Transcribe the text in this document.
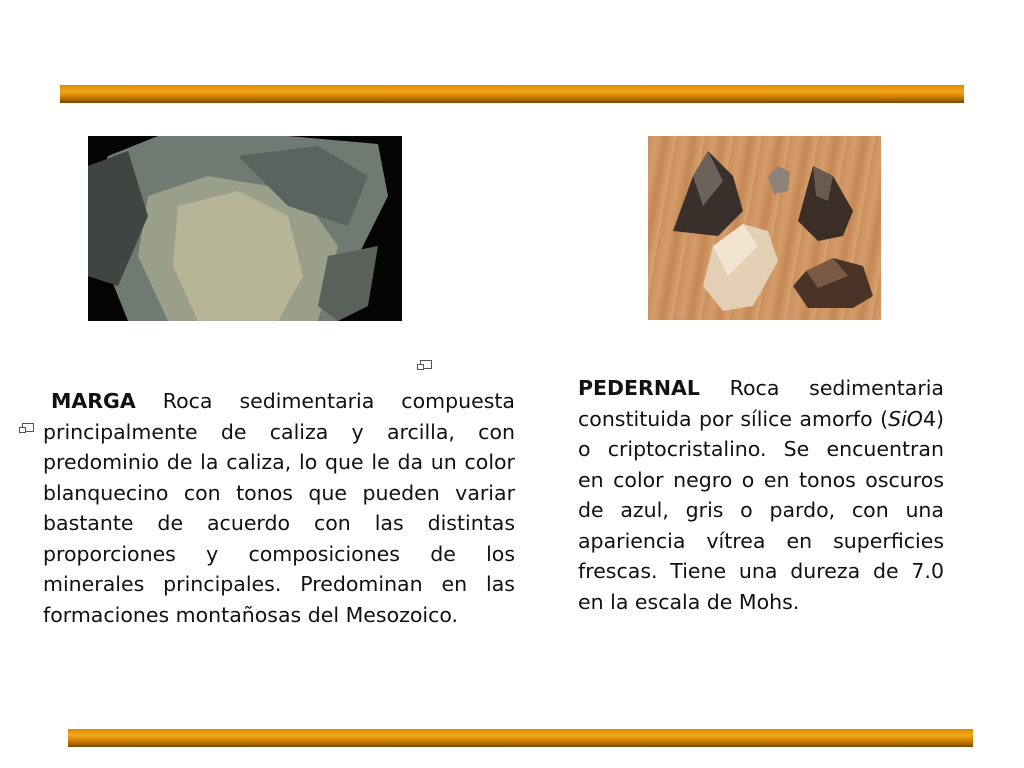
MARGA Roca sedimentaria compuesta principalmente de caliza y arcilla, con predominio de la caliza, lo que le da un color blanquecino con tonos que pueden variar bastante de acuerdo con las distintas proporciones y composiciones de los minerales principales. Predominan en las formaciones montañosas del Mesozoico.
PEDERNAL Roca sedimentaria constituida por sílice amorfo (SiO4) o criptocristalino. Se encuentran en color negro o en tonos oscuros de azul, gris o pardo, con una apariencia vítrea en superficies frescas. Tiene una dureza de 7.0 en la escala de Mohs.
